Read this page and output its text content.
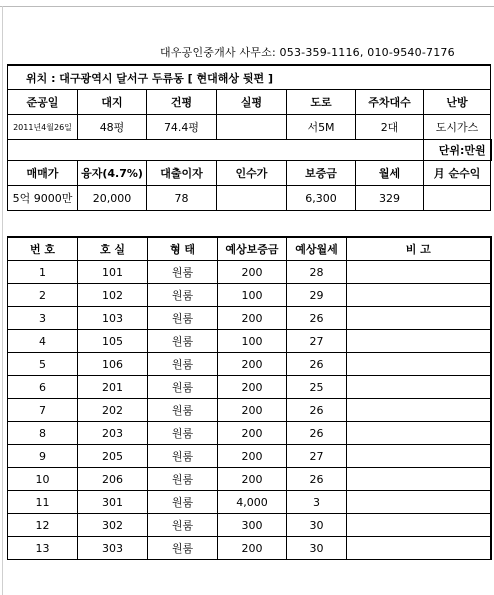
대우공인중개사 사무소: 053-359-1116, 010-9540-7176
위치 : 대구광역시 달서구 두류동 [ 현대해상 뒷편 ]						
준공일	대지	건평	실평	도로	주차대수	난방
2011년4월26일	48평	74.4평		서5M	2대	도시가스
						단위:만원
매매가	융자(4.7%)	대출이자	인수가	보증금	월세	月 순수익
5억 9000만	20,000	78		6,300	329	
번 호	호 실	형 태	예상보증금	예상월세	비 고
1	101	원룸	200	28	
2	102	원룸	100	29	
3	103	원룸	200	26	
4	105	원룸	100	27	
5	106	원룸	200	26	
6	201	원룸	200	25	
7	202	원룸	200	26	
8	203	원룸	200	26	
9	205	원룸	200	27	
10	206	원룸	200	26	
11	301	원룸	4,000	3	
12	302	원룸	300	30	
13	303	원룸	200	30	
